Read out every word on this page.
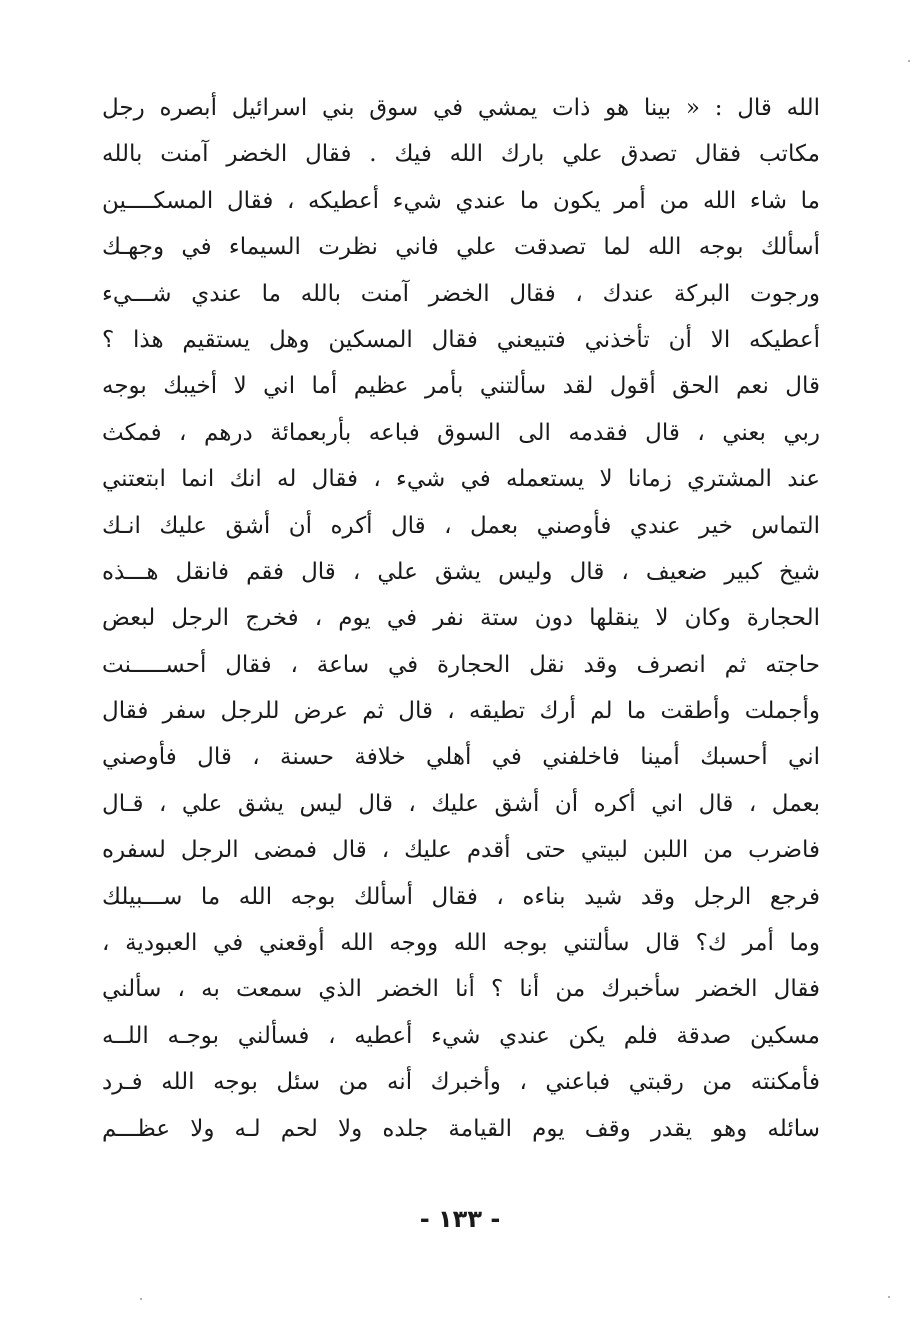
الله قال : « بينا هو ذات يمشي في سوق بني اسرائيل أبصره رجل
مكاتب فقال تصدق علي بارك الله فيك . فقال الخضر آمنت بالله
ما شاء الله من أمر يكون ما عندي شيء أعطيكه ، فقال المسكــــين
أسألك بوجه الله لما تصدقت علي فاني نظرت السيماء في وجهـك
ورجوت البركة عندك ، فقال الخضر آمنت بالله ما عندي شـــيء
أعطيكه الا أن تأخذني فتبيعني فقال المسكين وهل يستقيم هذا ؟
قال نعم الحق أقول لقد سألتني بأمر عظيم أما اني لا أخيبك بوجه
ربي بعني ، قال فقدمه الى السوق فباعه بأربعمائة درهم ، فمكث
عند المشتري زمانا لا يستعمله في شيء ، فقال له انك انما ابتعتني
التماس خير عندي فأوصني بعمل ، قال أكره أن أشق عليك انـك
شيخ كبير ضعيف ، قال وليس يشق علي ، قال فقم فانقل هـــذه
الحجارة وكان لا ينقلها دون ستة نفر في يوم ، فخرج الرجل لبعض
حاجته ثم انصرف وقد نقل الحجارة في ساعة ، فقال أحســـــنت
وأجملت وأطقت ما لم أرك تطيقه ، قال ثم عرض للرجل سفر فقال
اني أحسبك أمينا فاخلفني في أهلي خلافة حسنة ، قال فأوصني
بعمل ، قال اني أكره أن أشق عليك ، قال ليس يشق علي ، قـال
فاضرب من اللبن لبيتي حتى أقدم عليك ، قال فمضى الرجل لسفره
فرجع الرجل وقد شيد بناءه ، فقال أسألك بوجه الله ما ســـبيلك
وما أمر ك؟ قال سألتني بوجه الله ووجه الله أوقعني في العبودية ،
فقال الخضر سأخبرك من أنا ؟ أنا الخضر الذي سمعت به ، سألني
مسكين صدقة فلم يكن عندي شيء أعطيه ، فسألني بوجـه اللــه
فأمكنته من رقبتي فباعني ، وأخبرك أنه من سئل بوجه الله فـرد
سائله وهو يقدر وقف يوم القيامة جلده ولا لحم لـه ولا عظـــم
- ١٣٣ -
